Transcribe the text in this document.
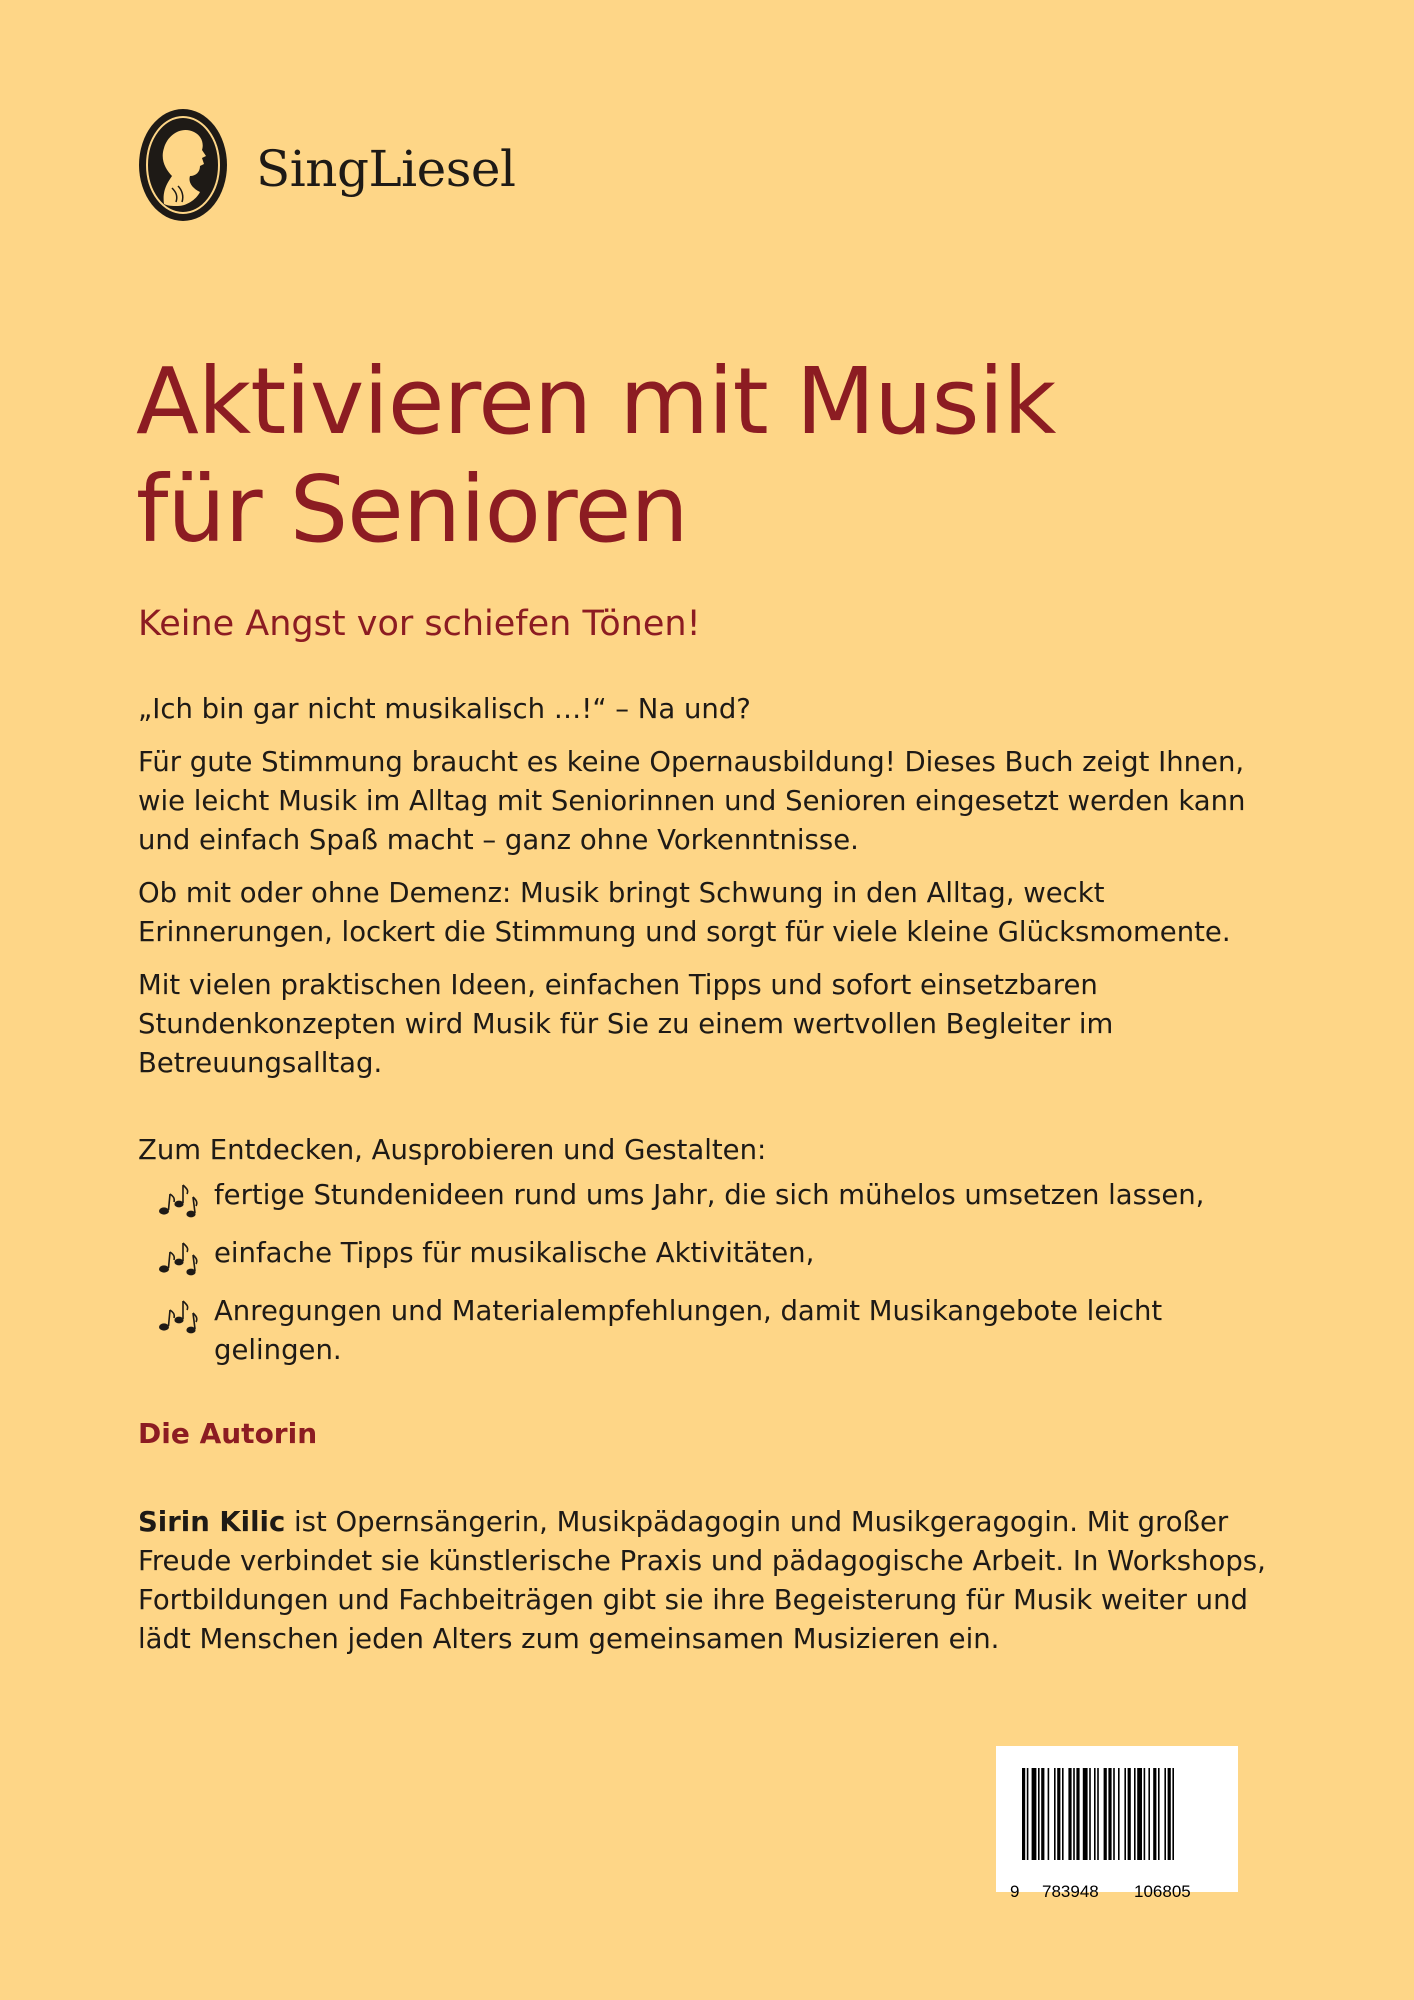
SingLiesel
Aktivieren mit Musik
für Senioren
Keine Angst vor schiefen Tönen!

„Ich bin gar nicht musikalisch …!“ – Na und?

Für gute Stimmung braucht es keine Opernausbildung! Dieses Buch zeigt Ihnen, wie leicht Musik im Alltag mit Seniorinnen und Senioren eingesetzt werden kann und einfach Spaß macht – ganz ohne Vorkenntnisse.

Ob mit oder ohne Demenz: Musik bringt Schwung in den Alltag, weckt Erinnerungen, lockert die Stimmung und sorgt für viele kleine Glücksmomente.

Mit vielen praktischen Ideen, einfachen Tipps und sofort einsetzbaren Stundenkonzepten wird Musik für Sie zu einem wertvollen Begleiter im Betreuungsalltag.

Zum Entdecken, Ausprobieren und Gestalten:

fertige Stundenideen rund ums Jahr, die sich mühelos umsetzen lassen,
einfache Tipps für musikalische Aktivitäten,
Anregungen und Materialempfehlungen, damit Musikangebote leicht gelingen.
Die Autorin

Sirin Kilic ist Opernsängerin, Musikpädagogin und Musikgeragogin. Mit großer Freude verbindet sie künstlerische Praxis und pädagogische Arbeit. In Workshops, Fortbildungen und Fachbeiträgen gibt sie ihre Begeisterung für Musik weiter und lädt Menschen jeden Alters zum gemeinsamen Musizieren ein.

9 783948 106805
